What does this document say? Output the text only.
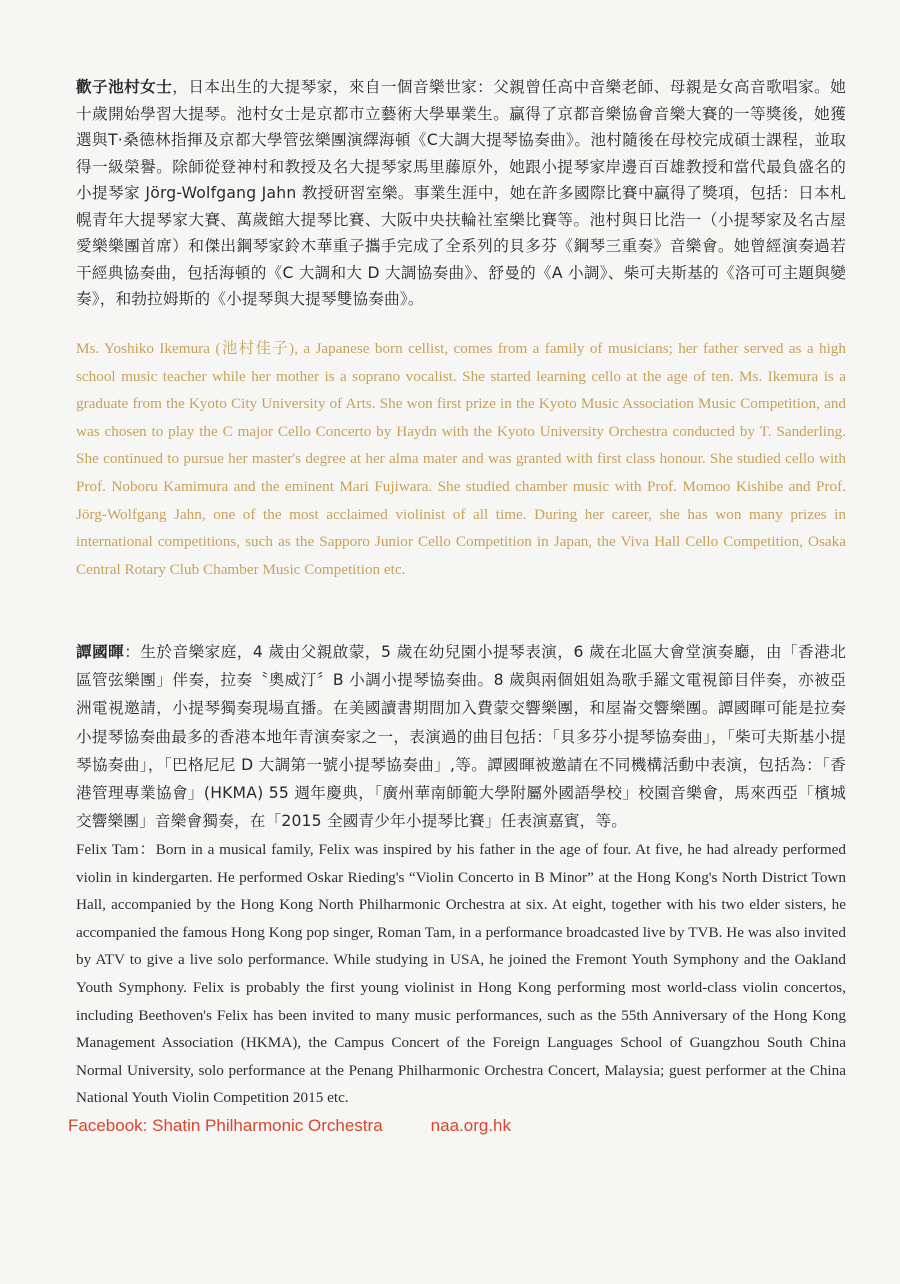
歡子池村女士，日本出生的大提琴家，來自一個音樂世家：父親曾任高中音樂老師、母親是女高音歌唱家。她十歲開始學習大提琴。池村女士是京都市立藝術大學畢業生。贏得了京都音樂協會音樂大賽的一等獎後，她獲選與T·桑德林指揮及京都大學管弦樂團演繹海頓《C大調大提琴協奏曲》。池村隨後在母校完成碩士課程，並取得一級榮譽。除師從登神村和教授及名大提琴家馬里藤原外，她跟小提琴家岸邊百百雄教授和當代最負盛名的小提琴家 Jörg-Wolfgang Jahn 教授研習室樂。事業生涯中，她在許多國際比賽中贏得了獎項，包括：日本札幌青年大提琴家大賽、萬歲館大提琴比賽、大阪中央扶輪社室樂比賽等。池村與日比浩一（小提琴家及名古屋愛樂樂團首席）和傑出鋼琴家鈴木華重子攜手完成了全系列的貝多芬《鋼琴三重奏》音樂會。她曾經演奏過若干經典協奏曲，包括海頓的《C 大調和大 D 大調協奏曲》、舒曼的《A 小調》、柴可夫斯基的《洛可可主題與變奏》，和勃拉姆斯的《小提琴與大提琴雙協奏曲》。

Ms. Yoshiko Ikemura (池村佳子), a Japanese born cellist, comes from a family of musicians; her father served as a high school music teacher while her mother is a soprano vocalist. She started learning cello at the age of ten. Ms. Ikemura is a graduate from the Kyoto City University of Arts. She won first prize in the Kyoto Music Association Music Competition, and was chosen to play the C major Cello Concerto by Haydn with the Kyoto University Orchestra conducted by T. Sanderling. She continued to pursue her master's degree at her alma mater and was granted with first class honour. She studied cello with Prof. Noboru Kamimura and the eminent Mari Fujiwara. She studied chamber music with Prof. Momoo Kishibe and Prof. Jörg-Wolfgang Jahn, one of the most acclaimed violinist of all time. During her career, she has won many prizes in international competitions, such as the Sapporo Junior Cello Competition in Japan, the Viva Hall Cello Competition, Osaka Central Rotary Club Chamber Music Competition etc.

譚國暉：生於音樂家庭，4 歲由父親啟蒙，5 歲在幼兒園小提琴表演，6 歲在北區大會堂演奏廳，由「香港北區管弦樂團」伴奏，拉奏〝奧威汀〞B 小調小提琴協奏曲。8 歲與兩個姐姐為歌手羅文電視節目伴奏，亦被亞洲電視邀請，小提琴獨奏現場直播。在美國讀書期間加入費蒙交響樂團，和屋崙交響樂團。譚國暉可能是拉奏小提琴協奏曲最多的香港本地年青演奏家之一，表演過的曲目包括：「貝多芬小提琴協奏曲」，「柴可夫斯基小提琴協奏曲」，「巴格尼尼 D 大調第一號小提琴協奏曲」,等。譚國暉被邀請在不同機構活動中表演，包括為：「香港管理專業協會」(HKMA) 55 週年慶典，「廣州華南師範大學附屬外國語學校」校園音樂會，馬來西亞「檳城交響樂團」音樂會獨奏，在「2015 全國青少年小提琴比賽」任表演嘉賓，等。

Felix Tam：Born in a musical family, Felix was inspired by his father in the age of four. At five, he had already performed violin in kindergarten. He performed Oskar Rieding's “Violin Concerto in B Minor” at the Hong Kong's North District Town Hall, accompanied by the Hong Kong North Philharmonic Orchestra at six. At eight, together with his two elder sisters, he accompanied the famous Hong Kong pop singer, Roman Tam, in a performance broadcasted live by TVB. He was also invited by ATV to give a live solo performance. While studying in USA, he joined the Fremont Youth Symphony and the Oakland Youth Symphony. Felix is probably the first young violinist in Hong Kong performing most world-class violin concertos, including Beethoven's Felix has been invited to many music performances, such as the 55th Anniversary of the Hong Kong Management Association (HKMA), the Campus Concert of the Foreign Languages School of Guangzhou South China Normal University, solo performance at the Penang Philharmonic Orchestra Concert, Malaysia; guest performer at the China National Youth Violin Competition 2015 etc.

Facebook: Shatin Philharmonic Orchestra	naa.org.hk
